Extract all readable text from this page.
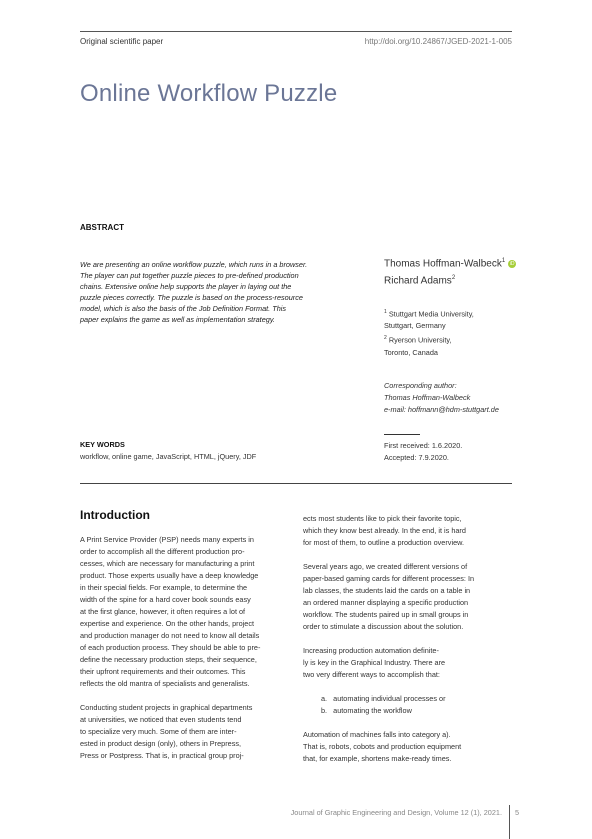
Original scientific paper	http://doi.org/10.24867/JGED-2021-1-005
Online Workflow Puzzle
ABSTRACT
We are presenting an online workflow puzzle, which runs in a browser.
The player can put together puzzle pieces to pre-defined production
chains. Extensive online help supports the player in laying out the
puzzle pieces correctly. The puzzle is based on the process-resource
model, which is also the basis of the Job Definition Format. This
paper explains the game as well as implementation strategy.
Thomas Hoffman-Walbeck$^1$iD
Richard Adams$^2$
$^1$ Stuttgart Media University,
Stuttgart, Germany
$^2$ Ryerson University,
Toronto, Canada
Corresponding author:
Thomas Hoffman-Walbeck
e-mail: hoffmann@hdm-stuttgart.de
First received: 1.6.2020.
Accepted: 7.9.2020.
KEY WORDS
workflow, online game, JavaScript, HTML, jQuery, JDF
Introduction

A Print Service Provider (PSP) needs many experts in
order to accomplish all the different production pro-
cesses, which are necessary for manufacturing a print
product. Those experts usually have a deep knowledge
in their special fields. For example, to determine the
width of the spine for a hard cover book sounds easy
at the first glance, however, it often requires a lot of
expertise and experience. On the other hands, project
and production manager do not need to know all details
of each production process. They should be able to pre-
define the necessary production steps, their sequence,
their upfront requirements and their outcomes. This
reflects the old mantra of specialists and generalists.

Conducting student projects in graphical departments
at universities, we noticed that even students tend
to specialize very much. Some of them are inter-
ested in product design (only), others in Prepress,
Press or Postpress. That is, in practical group proj-

ects most students like to pick their favorite topic,
which they know best already. In the end, it is hard
for most of them, to outline a production overview.

Several years ago, we created different versions of
paper-based gaming cards for different processes: In
lab classes, the students laid the cards on a table in
an ordered manner displaying a specific production
workflow. The students paired up in small groups in
order to stimulate a discussion about the solution.

Increasing production automation definite-
ly is key in the Graphical Industry. There are
two very different ways to accomplish that:

a.   automating individual processes or
b.   automating the workflow

Automation of machines falls into category a).
That is, robots, cobots and production equipment
that, for example, shortens make-ready times.

Journal of Graphic Engineering and Design, Volume 12 (1), 2021. 5
